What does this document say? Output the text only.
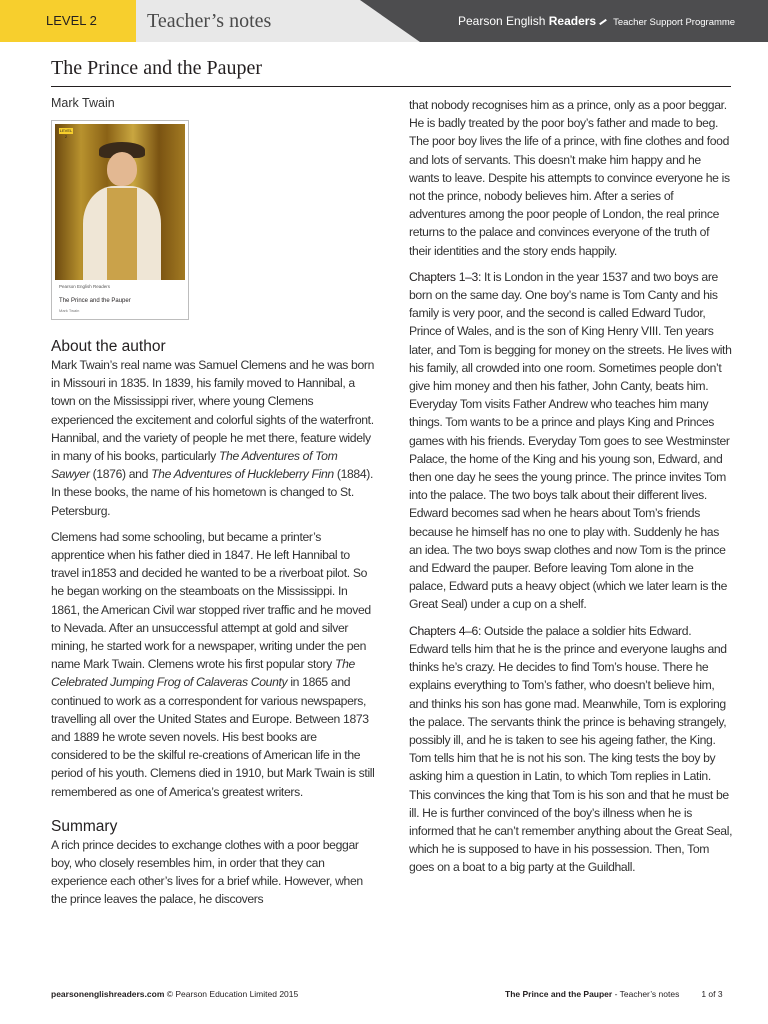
LEVEL 2	Teacher’s notes	Pearson English Readers Teacher Support Programme
The Prince and the Pauper
Mark Twain
LEVEL 2
Pearson English Readers
The Prince and the Pauper
Mark Twain
About the author

Mark Twain’s real name was Samuel Clemens and he was born in Missouri in 1835. In 1839, his family moved to Hannibal, a town on the Mississippi river, where young Clemens experienced the excitement and colorful sights of the waterfront. Hannibal, and the variety of people he met there, feature widely in many of his books, particularly The Adventures of Tom Sawyer (1876) and The Adventures of Huckleberry Finn (1884). In these books, the name of his hometown is changed to St. Petersburg.

Clemens had some schooling, but became a printer’s apprentice when his father died in 1847. He left Hannibal to travel in1853 and decided he wanted to be a riverboat pilot. So he began working on the steamboats on the Mississippi. In 1861, the American Civil war stopped river traffic and he moved to Nevada. After an unsuccessful attempt at gold and silver mining, he started work for a newspaper, writing under the pen name Mark Twain. Clemens wrote his first popular story The Celebrated Jumping Frog of Calaveras County in 1865 and continued to work as a correspondent for various newspapers, travelling all over the United States and Europe. Between 1873 and 1889 he wrote seven novels. His best books are considered to be the skilful re-creations of American life in the period of his youth. Clemens died in 1910, but Mark Twain is still remembered as one of America’s greatest writers.

Summary

A rich prince decides to exchange clothes with a poor beggar boy, who closely resembles him, in order that they can experience each other’s lives for a brief while. However, when the prince leaves the palace, he discovers

that nobody recognises him as a prince, only as a poor beggar. He is badly treated by the poor boy’s father and made to beg. The poor boy lives the life of a prince, with fine clothes and food and lots of servants. This doesn’t make him happy and he wants to leave. Despite his attempts to convince everyone he is not the prince, nobody believes him. After a series of adventures among the poor people of London, the real prince returns to the palace and convinces everyone of the truth of their identities and the story ends happily.

Chapters 1–3: It is London in the year 1537 and two boys are born on the same day. One boy’s name is Tom Canty and his family is very poor, and the second is called Edward Tudor, Prince of Wales, and is the son of King Henry VIII. Ten years later, and Tom is begging for money on the streets. He lives with his family, all crowded into one room. Sometimes people don’t give him money and then his father, John Canty, beats him. Everyday Tom visits Father Andrew who teaches him many things. Tom wants to be a prince and plays King and Princes games with his friends. Everyday Tom goes to see Westminster Palace, the home of the King and his young son, Edward, and then one day he sees the young prince. The prince invites Tom into the palace. The two boys talk about their different lives. Edward becomes sad when he hears about Tom’s friends because he himself has no one to play with. Suddenly he has an idea. The two boys swap clothes and now Tom is the prince and Edward the pauper. Before leaving Tom alone in the palace, Edward puts a heavy object (which we later learn is the Great Seal) under a cup on a shelf.

Chapters 4–6: Outside the palace a soldier hits Edward. Edward tells him that he is the prince and everyone laughs and thinks he’s crazy. He decides to find Tom’s house. There he explains everything to Tom’s father, who doesn’t believe him, and thinks his son has gone mad. Meanwhile, Tom is exploring the palace. The servants think the prince is behaving strangely, possibly ill, and he is taken to see his ageing father, the King. Tom tells him that he is not his son. The king tests the boy by asking him a question in Latin, to which Tom replies in Latin. This convinces the king that Tom is his son and that he must be ill. He is further convinced of the boy’s illness when he is informed that he can’t remember anything about the Great Seal, which he is supposed to have in his possession. Then, Tom goes on a boat to a big party at the Guildhall.

pearsonenglishreaders.com © Pearson Education Limited 2015	The Prince and the Pauper - Teacher’s notes	1 of 3
